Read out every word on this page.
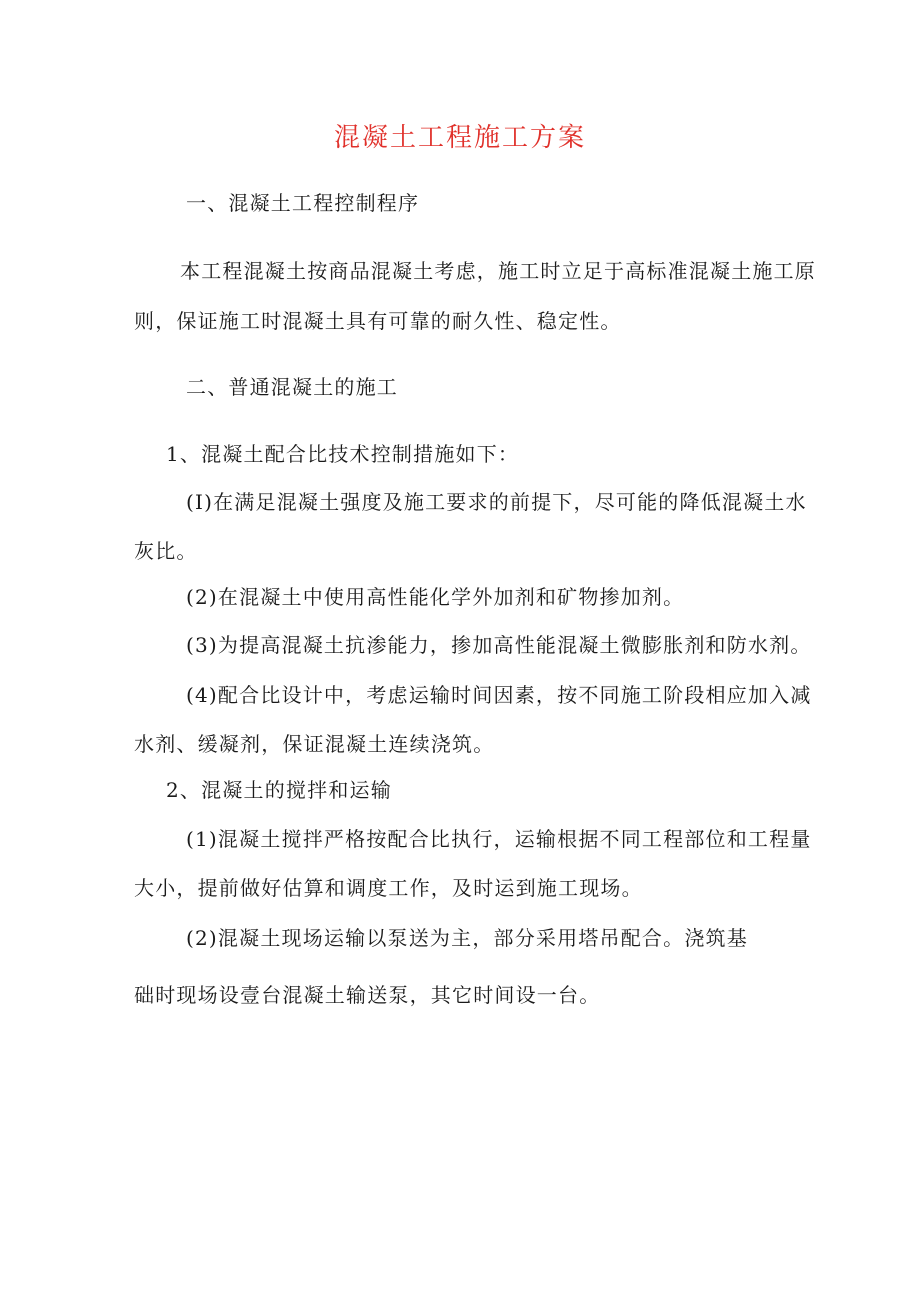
混凝土工程施工方案

一、混凝土工程控制程序

本工程混凝土按商品混凝土考虑，施工时立足于高标准混凝土施工原

则，保证施工时混凝土具有可靠的耐久性、稳定性。

二、普通混凝土的施工

1、混凝土配合比技术控制措施如下：

(I)在满足混凝土强度及施工要求的前提下，尽可能的降低混凝土水

灰比。

(2)在混凝土中使用高性能化学外加剂和矿物掺加剂。

(3)为提高混凝土抗渗能力，掺加高性能混凝土微膨胀剂和防水剂。

(4)配合比设计中，考虑运输时间因素，按不同施工阶段相应加入减

水剂、缓凝剂，保证混凝土连续浇筑。

2、混凝土的搅拌和运输

(1)混凝土搅拌严格按配合比执行，运输根据不同工程部位和工程量

大小，提前做好估算和调度工作，及时运到施工现场。

(2)混凝土现场运输以泵送为主，部分采用塔吊配合。浇筑基

础时现场设壹台混凝土输送泵，其它时间设一台。
